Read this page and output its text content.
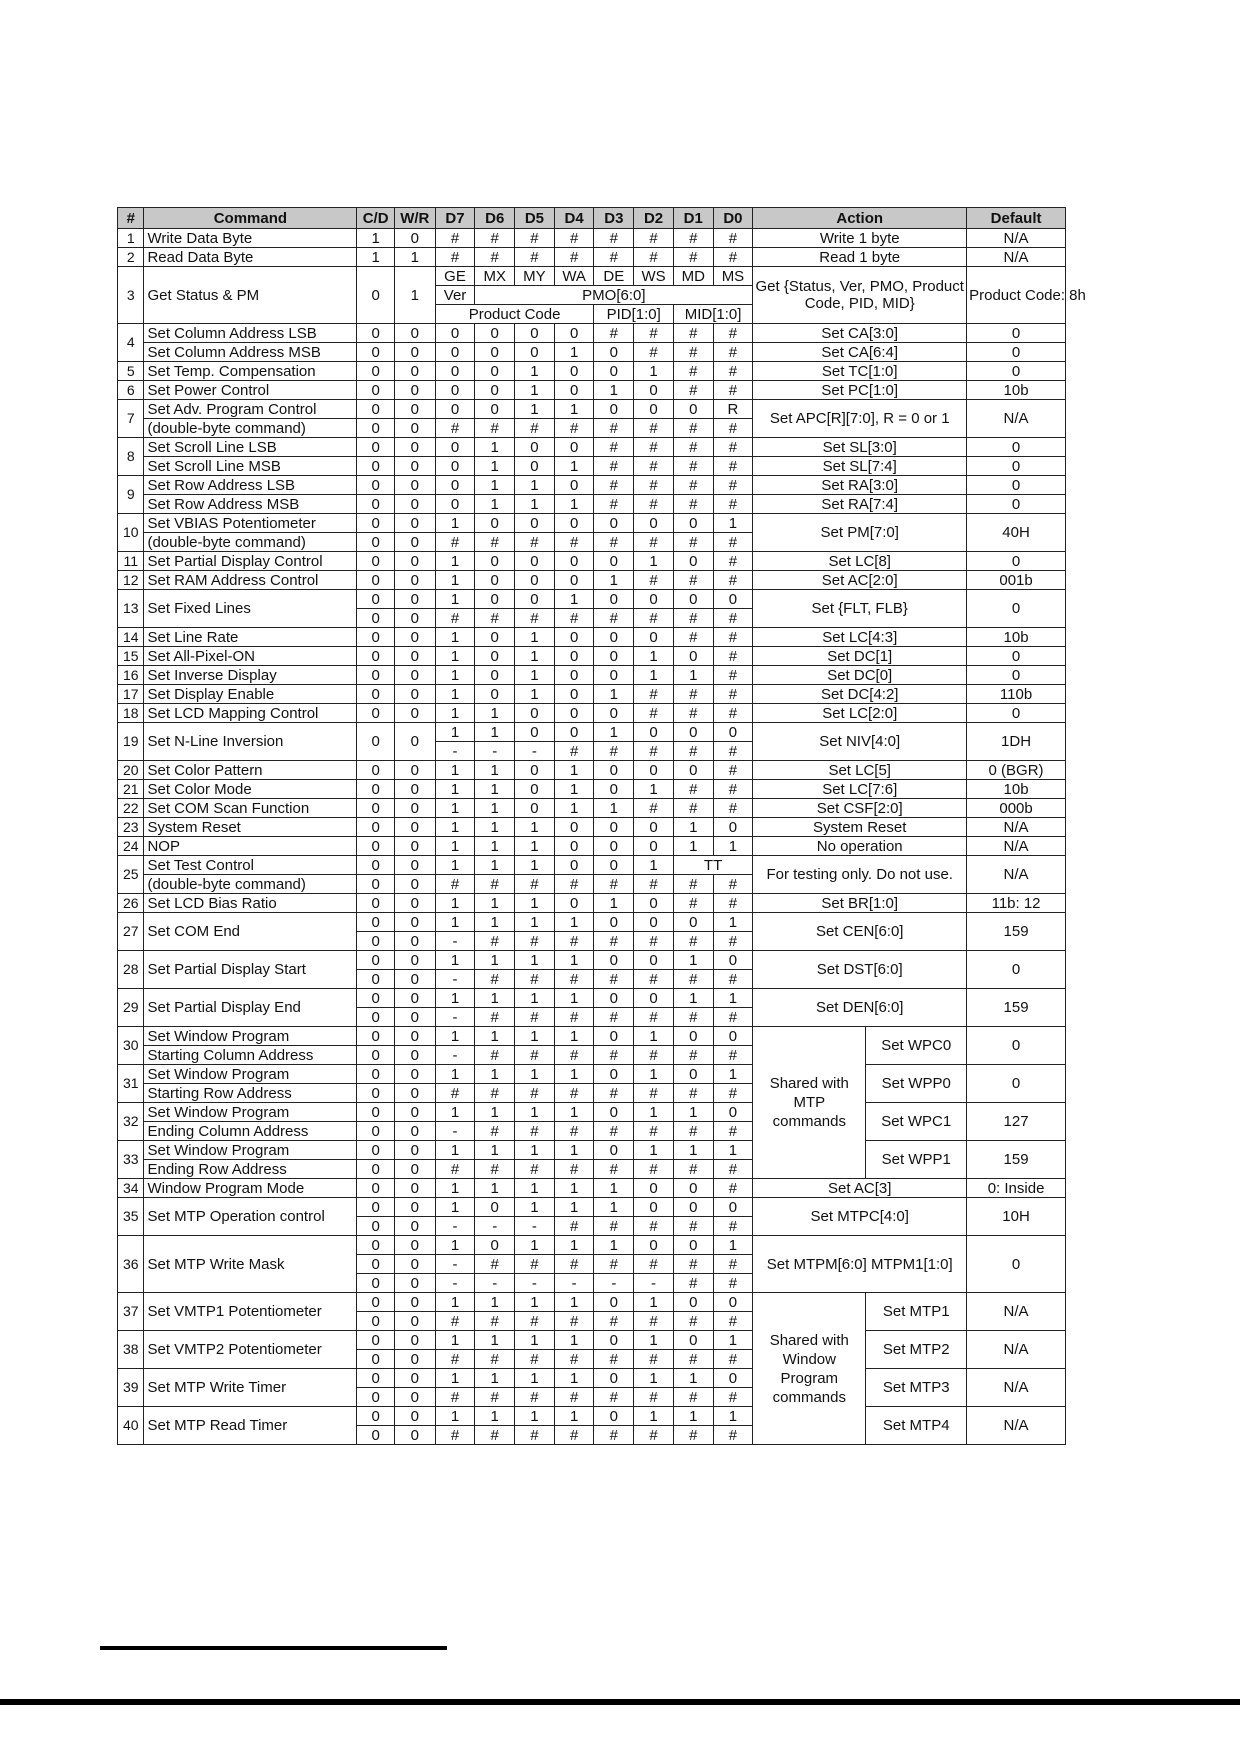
#	Command	C/D	W/R	D7	D6	D5	D4	D3	D2	D1	D0	Action		Default
1	Write Data Byte	1	0	#	#	#	#	#	#	#	#	Write 1 byte		N/A
2	Read Data Byte	1	1	#	#	#	#	#	#	#	#	Read 1 byte		N/A
3	Get Status & PM	0	1	GE	MX	MY	WA	DE	WS	MD	MS	Get {Status, Ver, PMO, Product Code, PID, MID}		Product Code: 8h
				Ver	PMO[6:0]									
				Product Code				PID[1:0]		MID[1:0]				
4	Set Column Address LSB	0	0	0	0	0	0	#	#	#	#	Set CA[3:0]		0
	Set Column Address MSB	0	0	0	0	0	1	0	#	#	#	Set CA[6:4]		0
5	Set Temp. Compensation	0	0	0	0	1	0	0	1	#	#	Set TC[1:0]		0
6	Set Power Control	0	0	0	0	1	0	1	0	#	#	Set PC[1:0]		10b
7	Set Adv. Program Control	0	0	0	0	1	1	0	0	0	R	Set APC[R][7:0], R = 0 or 1		N/A
	(double-byte command)	0	0	#	#	#	#	#	#	#	#			
8	Set Scroll Line LSB	0	0	0	1	0	0	#	#	#	#	Set SL[3:0]		0
	Set Scroll Line MSB	0	0	0	1	0	1	#	#	#	#	Set SL[7:4]		0
9	Set Row Address LSB	0	0	0	1	1	0	#	#	#	#	Set RA[3:0]		0
	Set Row Address MSB	0	0	0	1	1	1	#	#	#	#	Set RA[7:4]		0
10	Set VBIAS Potentiometer	0	0	1	0	0	0	0	0	0	1	Set PM[7:0]		40H
	(double-byte command)	0	0	#	#	#	#	#	#	#	#			
11	Set Partial Display Control	0	0	1	0	0	0	0	1	0	#	Set LC[8]		0
12	Set RAM Address Control	0	0	1	0	0	0	1	#	#	#	Set AC[2:0]		001b
13	Set Fixed Lines	0	0	1	0	0	1	0	0	0	0	Set {FLT, FLB}		0
		0	0	#	#	#	#	#	#	#	#			
14	Set Line Rate	0	0	1	0	1	0	0	0	#	#	Set LC[4:3]		10b
15	Set All-Pixel-ON	0	0	1	0	1	0	0	1	0	#	Set DC[1]		0
16	Set Inverse Display	0	0	1	0	1	0	0	1	1	#	Set DC[0]		0
17	Set Display Enable	0	0	1	0	1	0	1	#	#	#	Set DC[4:2]		110b
18	Set LCD Mapping Control	0	0	1	1	0	0	0	#	#	#	Set LC[2:0]		0
19	Set N-Line Inversion	0	0	1	1	0	0	1	0	0	0	Set NIV[4:0]		1DH
				-	-	-	#	#	#	#	#			
20	Set Color Pattern	0	0	1	1	0	1	0	0	0	#	Set LC[5]		0 (BGR)
21	Set Color Mode	0	0	1	1	0	1	0	1	#	#	Set LC[7:6]		10b
22	Set COM Scan Function	0	0	1	1	0	1	1	#	#	#	Set CSF[2:0]		000b
23	System Reset	0	0	1	1	1	0	0	0	1	0	System Reset		N/A
24	NOP	0	0	1	1	1	0	0	0	1	1	No operation		N/A
25	Set Test Control	0	0	1	1	1	0	0	1	TT		For testing only. Do not use.		N/A
	(double-byte command)	0	0	#	#	#	#	#	#	#	#			
26	Set LCD Bias Ratio	0	0	1	1	1	0	1	0	#	#	Set BR[1:0]		11b: 12
27	Set COM End	0	0	1	1	1	1	0	0	0	1	Set CEN[6:0]		159
		0	0	-	#	#	#	#	#	#	#			
28	Set Partial Display Start	0	0	1	1	1	1	0	0	1	0	Set DST[6:0]		0
		0	0	-	#	#	#	#	#	#	#			
29	Set Partial Display End	0	0	1	1	1	1	0	0	1	1	Set DEN[6:0]		159
		0	0	-	#	#	#	#	#	#	#			
30	Set Window Program	0	0	1	1	1	1	0	1	0	0	Shared with MTP commands	Set WPC0	0
	Starting Column Address	0	0	-	#	#	#	#	#	#	#			
31	Set Window Program	0	0	1	1	1	1	0	1	0	1		Set WPP0	0
	Starting Row Address	0	0	#	#	#	#	#	#	#	#			
32	Set Window Program	0	0	1	1	1	1	0	1	1	0		Set WPC1	127
	Ending Column Address	0	0	-	#	#	#	#	#	#	#			
33	Set Window Program	0	0	1	1	1	1	0	1	1	1		Set WPP1	159
	Ending Row Address	0	0	#	#	#	#	#	#	#	#			
34	Window Program Mode	0	0	1	1	1	1	1	0	0	#	Set AC[3]		0: Inside
35	Set MTP Operation control	0	0	1	0	1	1	1	0	0	0	Set MTPC[4:0]		10H
		0	0	-	-	-	#	#	#	#	#			
36	Set MTP Write Mask	0	0	1	0	1	1	1	0	0	1	Set MTPM[6:0] MTPM1[1:0]		0
		0	0	-	#	#	#	#	#	#	#			
		0	0	-	-	-	-	-	-	#	#			
37	Set VMTP1 Potentiometer	0	0	1	1	1	1	0	1	0	0	Shared with Window Program commands	Set MTP1	N/A
		0	0	#	#	#	#	#	#	#	#			
38	Set VMTP2 Potentiometer	0	0	1	1	1	1	0	1	0	1		Set MTP2	N/A
		0	0	#	#	#	#	#	#	#	#			
39	Set MTP Write Timer	0	0	1	1	1	1	0	1	1	0		Set MTP3	N/A
		0	0	#	#	#	#	#	#	#	#			
40	Set MTP Read Timer	0	0	1	1	1	1	0	1	1	1		Set MTP4	N/A
		0	0	#	#	#	#	#	#	#	#			
